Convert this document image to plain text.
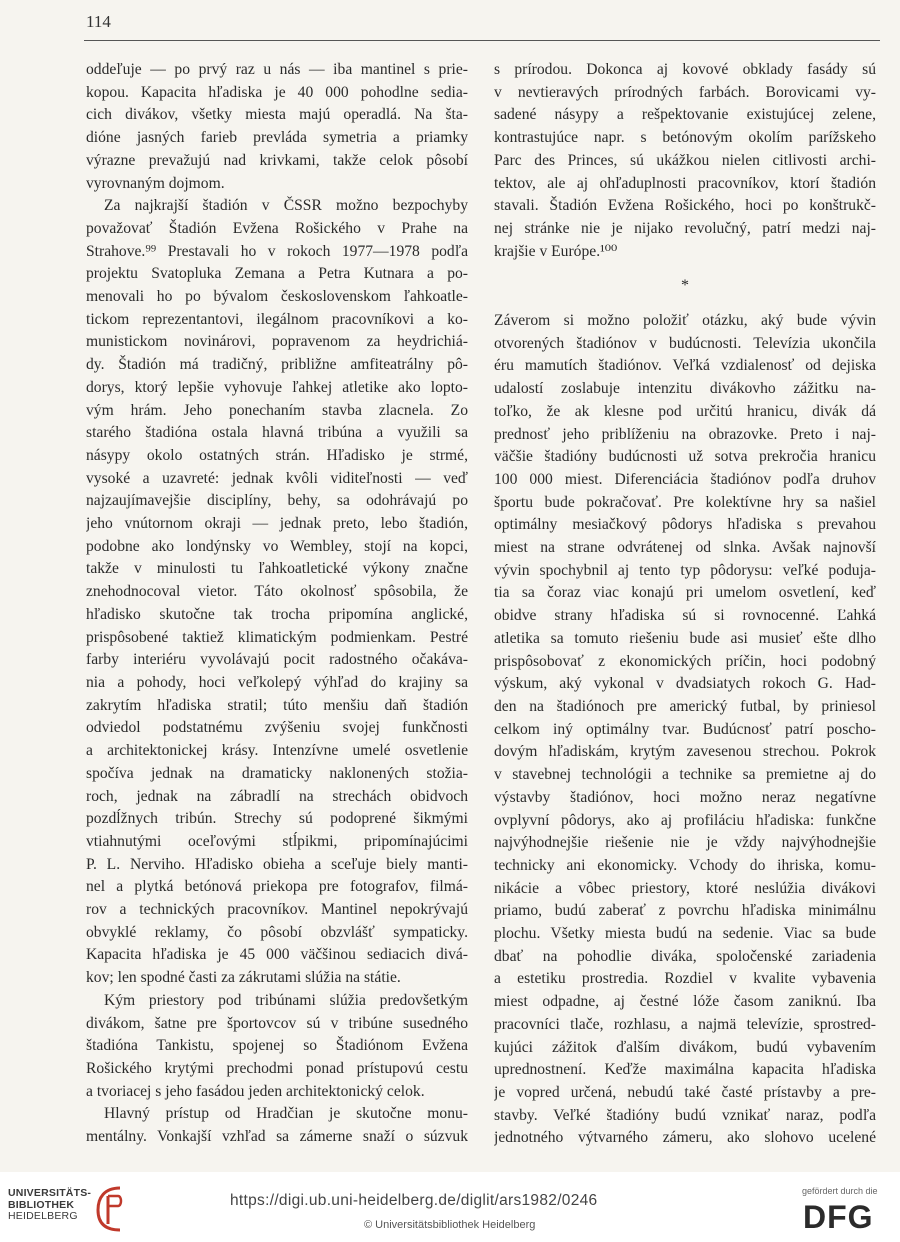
114
oddeľuje — po prvý raz u nás — iba mantinel s prie-
kopou. Kapacita hľadiska je 40 000 pohodlne sedia-
cich divákov, všetky miesta majú operadlá. Na šta-
dióne jasných farieb prevláda symetria a priamky
výrazne prevažujú nad krivkami, takže celok pôsobí
vyrovnaným dojmom.
Za najkrajší štadión v ČSSR možno bezpochyby
považovať Štadión Evžena Rošického v Prahe na
Strahove.⁹⁹ Prestavali ho v rokoch 1977—1978 podľa
projektu Svatopluka Zemana a Petra Kutnara a po-
menovali ho po bývalom československom ľahkoatle-
tickom reprezentantovi, ilegálnom pracovníkovi a ko-
munistickom novinárovi, popravenom za heydrichiá-
dy. Štadión má tradičný, približne amfiteatrálny pô-
dorys, ktorý lepšie vyhovuje ľahkej atletike ako lopto-
vým hrám. Jeho ponechaním stavba zlacnela. Zo
starého štadióna ostala hlavná tribúna a využili sa
násypy okolo ostatných strán. Hľadisko je strmé,
vysoké a uzavreté: jednak kvôli viditeľnosti — veď
najzaujímavejšie disciplíny, behy, sa odohrávajú po
jeho vnútornom okraji — jednak preto, lebo štadión,
podobne ako londýnsky vo Wembley, stojí na kopci,
takže v minulosti tu ľahkoatletické výkony značne
znehodnocoval vietor. Táto okolnosť spôsobila, že
hľadisko skutočne tak trocha pripomína anglické,
prispôsobené taktiež klimatickým podmienkam. Pestré
farby interiéru vyvolávajú pocit radostného očakáva-
nia a pohody, hoci veľkolepý výhľad do krajiny sa
zakrytím hľadiska stratil; túto menšiu daň štadión
odviedol podstatnému zvýšeniu svojej funkčnosti
a architektonickej krásy. Intenzívne umelé osvetlenie
spočíva jednak na dramaticky naklonených stožia-
roch, jednak na zábradlí na strechách obidvoch
pozdĺžnych tribún. Strechy sú podoprené šikmými
vtiahnutými oceľovými stĺpikmi, pripomínajúcimi
P. L. Nerviho. Hľadisko obieha a sceľuje biely manti-
nel a plytká betónová priekopa pre fotografov, filmá-
rov a technických pracovníkov. Mantinel nepokrývajú
obvyklé reklamy, čo pôsobí obzvlášť sympaticky.
Kapacita hľadiska je 45 000 väčšinou sediacich divá-
kov; len spodné časti za zákrutami slúžia na státie.
Kým priestory pod tribúnami slúžia predovšetkým
divákom, šatne pre športovcov sú v tribúne susedného
štadióna Tankistu, spojenej so Štadiónom Evžena
Rošického krytými prechodmi ponad prístupovú cestu
a tvoriacej s jeho fasádou jeden architektonický celok.
Hlavný prístup od Hradčian je skutočne monu-
mentálny. Vonkajší vzhľad sa zámerne snaží o súzvuk
s prírodou. Dokonca aj kovové obklady fasády sú
v nevtieravých prírodných farbách. Borovicami vy-
sadené násypy a rešpektovanie existujúcej zelene,
kontrastujúce napr. s betónovým okolím parížskeho
Parc des Princes, sú ukážkou nielen citlivosti archi-
tektov, ale aj ohľaduplnosti pracovníkov, ktorí štadión
stavali. Štadión Evžena Rošického, hoci po konštrukč-
nej stránke nie je nijako revolučný, patrí medzi naj-
krajšie v Európe.¹⁰⁰
*
Záverom si možno položiť otázku, aký bude vývin
otvorených štadiónov v budúcnosti. Televízia ukončila
éru mamutích štadiónov. Veľká vzdialenosť od dejiska
udalostí zoslabuje intenzitu divákovho zážitku na-
toľko, že ak klesne pod určitú hranicu, divák dá
prednosť jeho priblíženiu na obrazovke. Preto i naj-
väčšie štadióny budúcnosti už sotva prekročia hranicu
100 000 miest. Diferenciácia štadiónov podľa druhov
športu bude pokračovať. Pre kolektívne hry sa našiel
optimálny mesiačkový pôdorys hľadiska s prevahou
miest na strane odvrátenej od slnka. Avšak najnovší
vývin spochybnil aj tento typ pôdorysu: veľké poduja-
tia sa čoraz viac konajú pri umelom osvetlení, keď
obidve strany hľadiska sú si rovnocenné. Ľahká
atletika sa tomuto riešeniu bude asi musieť ešte dlho
prispôsobovať z ekonomických príčin, hoci podobný
výskum, aký vykonal v dvadsiatych rokoch G. Had-
den na štadiónoch pre americký futbal, by priniesol
celkom iný optimálny tvar. Budúcnosť patrí poscho-
dovým hľadiskám, krytým zavesenou strechou. Pokrok
v stavebnej technológii a technike sa premietne aj do
výstavby štadiónov, hoci možno neraz negatívne
ovplyvní pôdorys, ako aj profiláciu hľadiska: funkčne
najvýhodnejšie riešenie nie je vždy najvýhodnejšie
technicky ani ekonomicky. Vchody do ihriska, komu-
nikácie a vôbec priestory, ktoré neslúžia divákovi
priamo, budú zaberať z povrchu hľadiska minimálnu
plochu. Všetky miesta budú na sedenie. Viac sa bude
dbať na pohodlie diváka, spoločenské zariadenia
a estetiku prostredia. Rozdiel v kvalite vybavenia
miest odpadne, aj čestné lóže časom zaniknú. Iba
pracovníci tlače, rozhlasu, a najmä televízie, sprostred-
kujúci zážitok ďalším divákom, budú vybavením
uprednostnení. Keďže maximálna kapacita hľadiska
je vopred určená, nebudú také časté prístavby a pre-
stavby. Veľké štadióny budú vznikať naraz, podľa
jednotného výtvarného zámeru, ako slohovo ucelené
UNIVERSITÄTS-
BIBLIOTHEK
HEIDELBERG
https://digi.ub.uni-heidelberg.de/diglit/ars1982/0246
© Universitätsbibliothek Heidelberg
gefördert durch die
DFG
